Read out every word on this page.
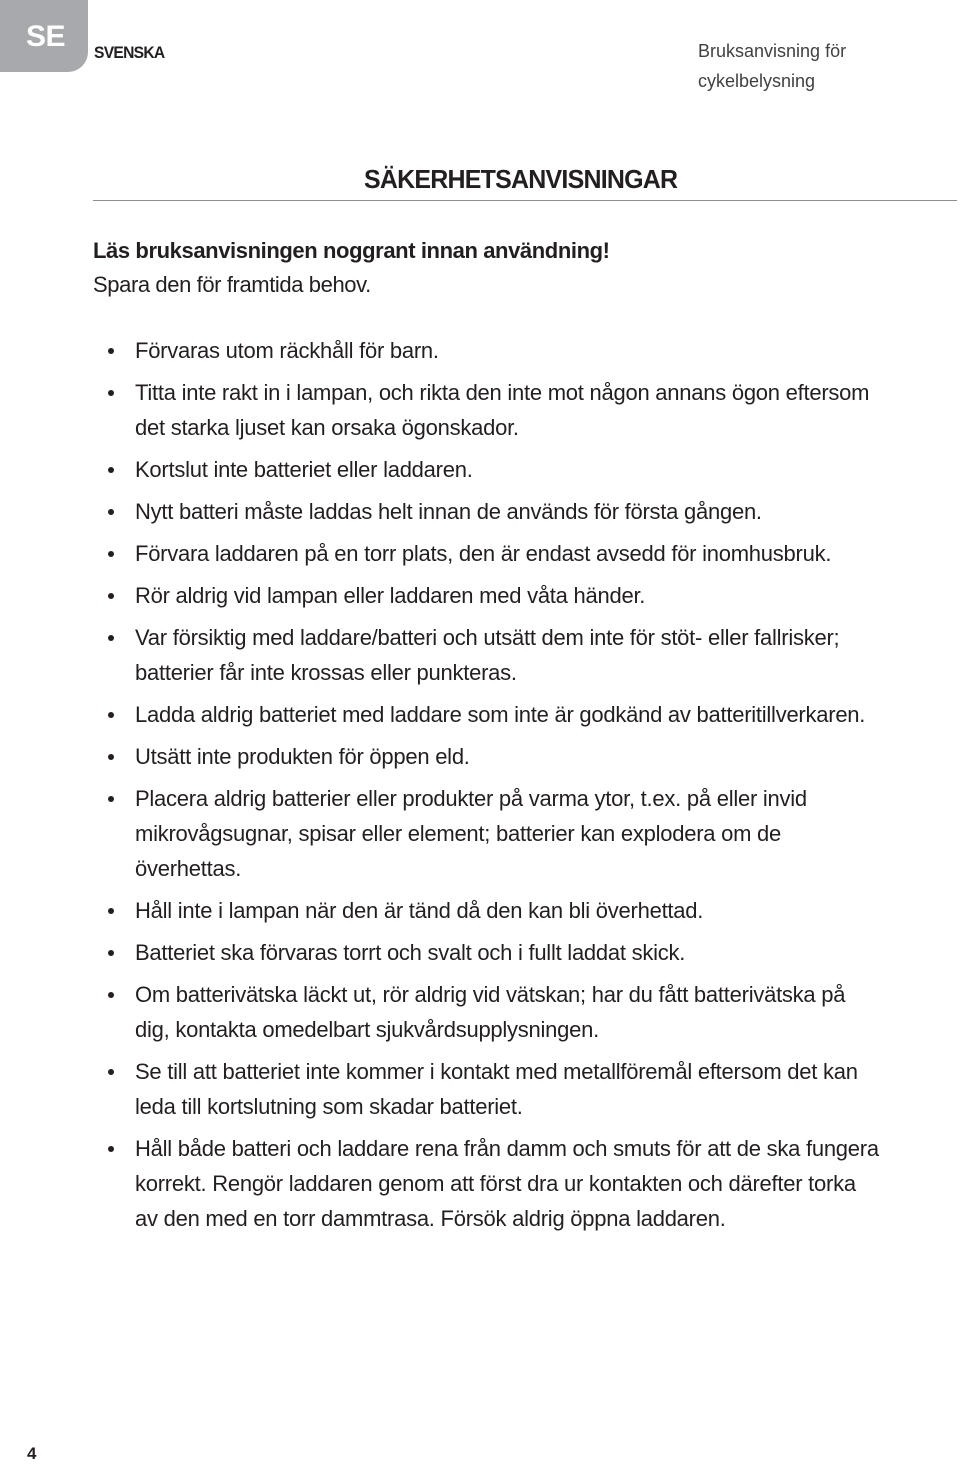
SE	SVENSKA	Bruksanvisning för
cykelbelysning
SÄKERHETSANVISNINGAR
Läs bruksanvisningen noggrant innan användning!
Spara den för framtida behov.
Förvaras utom räckhåll för barn.
Titta inte rakt in i lampan, och rikta den inte mot någon annans ögon eftersom
det starka ljuset kan orsaka ögonskador.
Kortslut inte batteriet eller laddaren.
Nytt batteri måste laddas helt innan de används för första gången.
Förvara laddaren på en torr plats, den är endast avsedd för inomhusbruk.
Rör aldrig vid lampan eller laddaren med våta händer.
Var försiktig med laddare/batteri och utsätt dem inte för stöt- eller fallrisker;
batterier får inte krossas eller punkteras.
Ladda aldrig batteriet med laddare som inte är godkänd av batteritillverkaren.
Utsätt inte produkten för öppen eld.
Placera aldrig batterier eller produkter på varma ytor, t.ex. på eller invid
mikrovågsugnar, spisar eller element; batterier kan explodera om de
överhettas.
Håll inte i lampan när den är tänd då den kan bli överhettad.
Batteriet ska förvaras torrt och svalt och i fullt laddat skick.
Om batterivätska läckt ut, rör aldrig vid vätskan; har du fått batterivätska på
dig, kontakta omedelbart sjukvårdsupplysningen.
Se till att batteriet inte kommer i kontakt med metallföremål eftersom det kan
leda till kortslutning som skadar batteriet.
Håll både batteri och laddare rena från damm och smuts för att de ska fungera
korrekt. Rengör laddaren genom att först dra ur kontakten och därefter torka
av den med en torr dammtrasa. Försök aldrig öppna laddaren.
4
